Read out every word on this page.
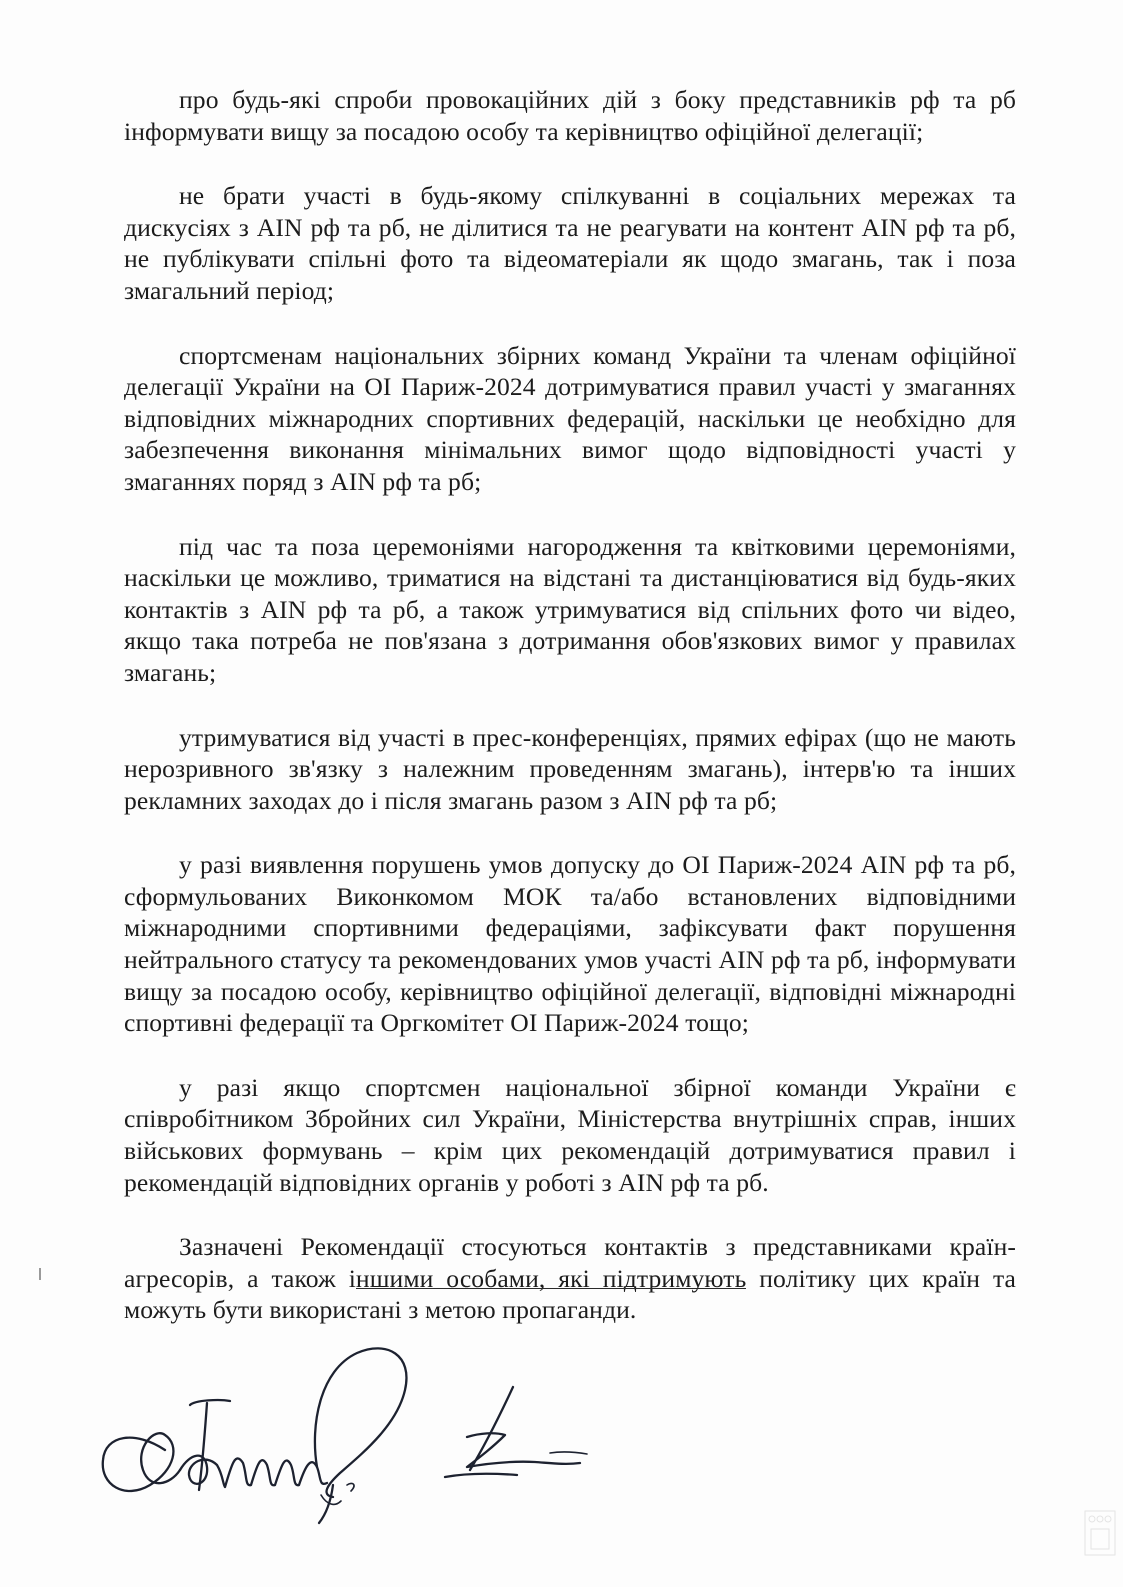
про будь-які спроби провокаційних дій з боку представників рф та рб інформувати вищу за посадою особу та керівництво офіційної делегації;

не брати участі в будь-якому спілкуванні в соціальних мережах та дискусіях з AIN рф та рб, не ділитися та не реагувати на контент AIN рф та рб, не публікувати спільні фото та відеоматеріали як щодо змагань, так і поза змагальний період;

спортсменам національних збірних команд України та членам офіційної делегації України на ОІ Париж-2024 дотримуватися правил участі у змаганнях відповідних міжнародних спортивних федерацій, наскільки це необхідно для забезпечення виконання мінімальних вимог щодо відповідності участі у змаганнях поряд з AIN рф та рб;

під час та поза церемоніями нагородження та квітковими церемоніями, наскільки це можливо, триматися на відстані та дистанціюватися від будь-яких контактів з AIN рф та рб, а також утримуватися від спільних фото чи відео, якщо така потреба не пов'язана з дотримання обов'язкових вимог у правилах змагань;

утримуватися від участі в прес-конференціях, прямих ефірах (що не мають нерозривного зв'язку з належним проведенням змагань), інтерв'ю та інших рекламних заходах до і після змагань разом з AIN рф та рб;

у разі виявлення порушень умов допуску до ОІ Париж-2024 AIN рф та рб, сформульованих Виконкомом МОК та/або встановлених відповідними міжнародними спортивними федераціями, зафіксувати факт порушення нейтрального статусу та рекомендованих умов участі AIN рф та рб, інформувати вищу за посадою особу, керівництво офіційної делегації, відповідні міжнародні спортивні федерації та Оргкомітет ОІ Париж-2024 тощо;

у разі якщо спортсмен національної збірної команди України є співробітником Збройних сил України, Міністерства внутрішніх справ, інших військових формувань – крім цих рекомендацій дотримуватися правил і рекомендацій відповідних органів у роботі з AIN рф та рб.

Зазначені Рекомендації стосуються контактів з представниками країн-агресорів, а також іншими особами, які підтримують політику цих країн та можуть бути використані з метою пропаганди.
